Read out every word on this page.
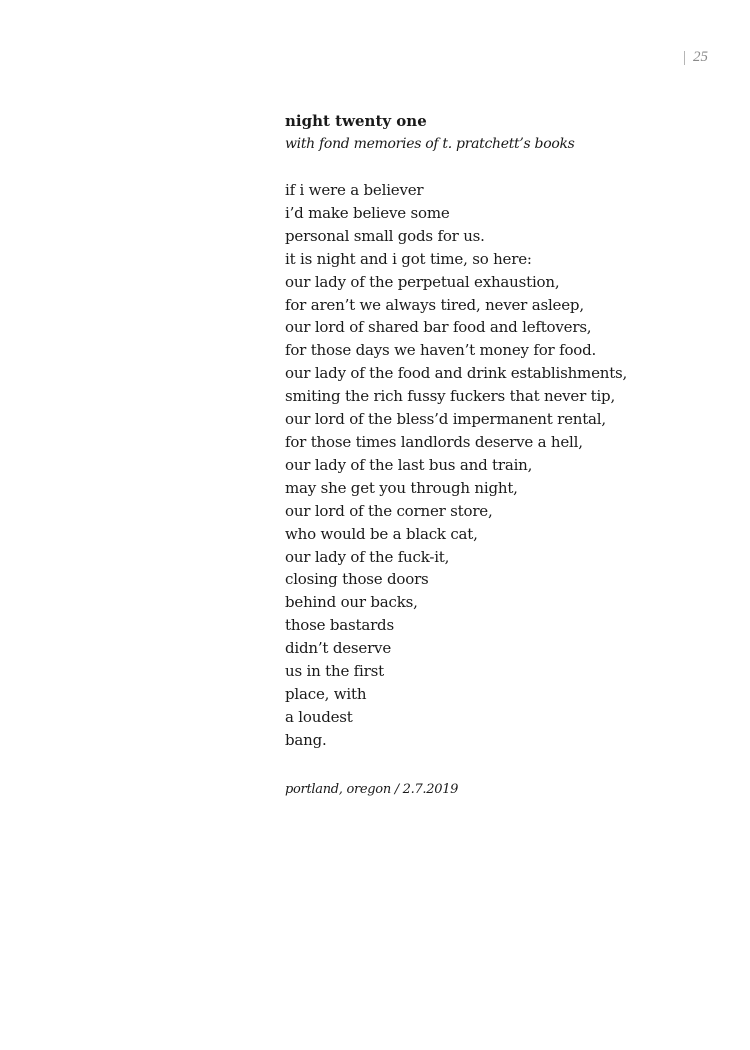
25

night twenty one

with fond memories of t. pratchett’s books

if i were a believer
i’d make believe some
personal small gods for us.
it is night and i got time, so here:
our lady of the perpetual exhaustion,
for aren’t we always tired, never asleep,
our lord of shared bar food and leftovers,
for those days we haven’t money for food.
our lady of the food and drink establishments,
smiting the rich fussy fuckers that never tip,
our lord of the bless’d impermanent rental,
for those times landlords deserve a hell,
our lady of the last bus and train,
may she get you through night,
our lord of the corner store,
who would be a black cat,
our lady of the fuck-it,
closing those doors
behind our backs,
those bastards
didn’t deserve
us in the first
place, with
a loudest
bang.

portland, oregon / 2.7.2019
